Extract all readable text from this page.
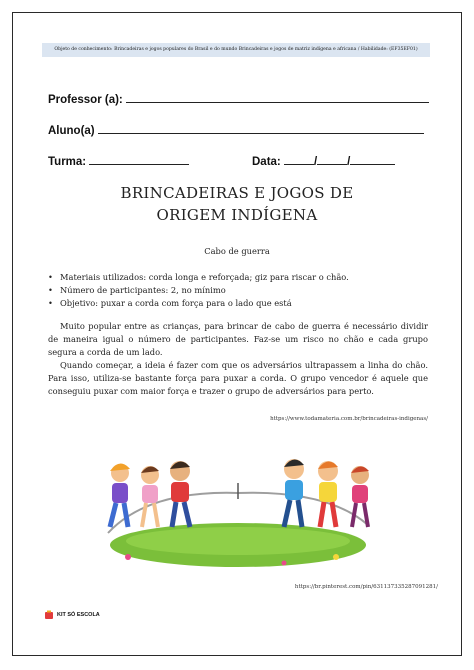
Objeto de conhecimento: Brincadeiras e jogos populares do Brasil e do mundo Brincadeiras e jogos de matriz indígena e africana / Habilidade: (EF35EF01)
Professor (a):
Aluno(a)
Turma:	Data:	/	/
BRINCADEIRAS E JOGOS DE
ORIGEM INDÍGENA
Cabo de guerra
• Materiais utilizados: corda longa e reforçada; giz para riscar o chão.
• Número de participantes: 2, no mínimo
• Objetivo: puxar a corda com força para o lado que está
Muito popular entre as crianças, para brincar de cabo de guerra é necessário dividir de maneira igual o número de participantes. Faz-se um risco no chão e cada grupo segura a corda de um lado.
Quando começar, a ideia é fazer com que os adversários ultrapassem a linha do chão. Para isso, utiliza-se bastante força para puxar a corda. O grupo vencedor é aquele que conseguiu puxar com maior força e trazer o grupo de adversários para perto.
https://www.todamateria.com.br/brincadeiras-indigenas/
https://br.pinterest.com/pin/631137335287091281/
KIT SÓ ESCOLA
